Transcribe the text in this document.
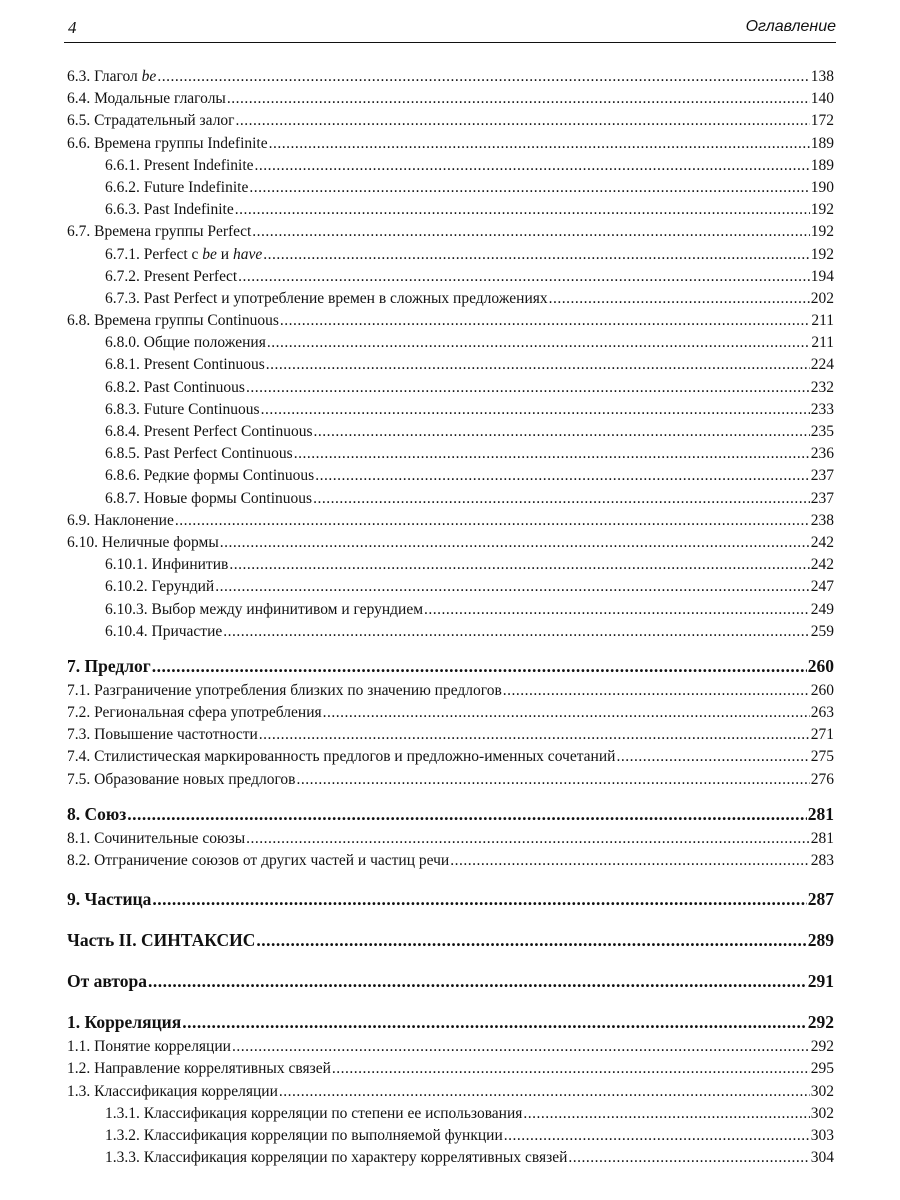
4	Оглавление
6.3. Глагол be .....	138
6.4. Модальные глаголы .....	140
6.5. Страдательный залог .....	172
6.6. Времена группы Indefinite .....	189
6.6.1. Present Indefinite .....	189
6.6.2. Future Indefinite .....	190
6.6.3. Past Indefinite .....	192
6.7. Времена группы Perfect .....	192
6.7.1. Perfect с be и have .....	192
6.7.2. Present Perfect .....	194
6.7.3. Past Perfect и употребление времен в сложных предложениях .....	202
6.8. Времена группы Continuous .....	211
6.8.0. Общие положения .....	211
6.8.1. Present Continuous .....	224
6.8.2. Past Continuous .....	232
6.8.3. Future Continuous .....	233
6.8.4. Present Perfect Continuous .....	235
6.8.5. Past Perfect Continuous .....	236
6.8.6. Редкие формы Continuous .....	237
6.8.7. Новые формы Continuous .....	237
6.9. Наклонение .....	238
6.10. Неличные формы .....	242
6.10.1. Инфинитив .....	242
6.10.2. Герундий .....	247
6.10.3. Выбор между инфинитивом и герундием .....	249
6.10.4. Причастие .....	259
7. Предлог .....	260
7.1. Разграничение употребления близких по значению предлогов .....	260
7.2. Региональная сфера употребления .....	263
7.3. Повышение частотности .....	271
7.4. Стилистическая маркированность предлогов и предложно-именных сочетаний .....	275
7.5. Образование новых предлогов .....	276
8. Союз .....	281
8.1. Сочинительные союзы .....	281
8.2. Отграничение союзов от других частей и частиц речи .....	283
9. Частица .....	287
Часть II. СИНТАКСИС .....	289
От автора .....	291
1. Корреляция .....	292
1.1. Понятие корреляции .....	292
1.2. Направление коррелятивных связей .....	295
1.3. Классификация корреляции .....	302
1.3.1. Классификация корреляции по степени ее использования .....	302
1.3.2. Классификация корреляции по выполняемой функции .....	303
1.3.3. Классификация корреляции по характеру коррелятивных связей .....	304
